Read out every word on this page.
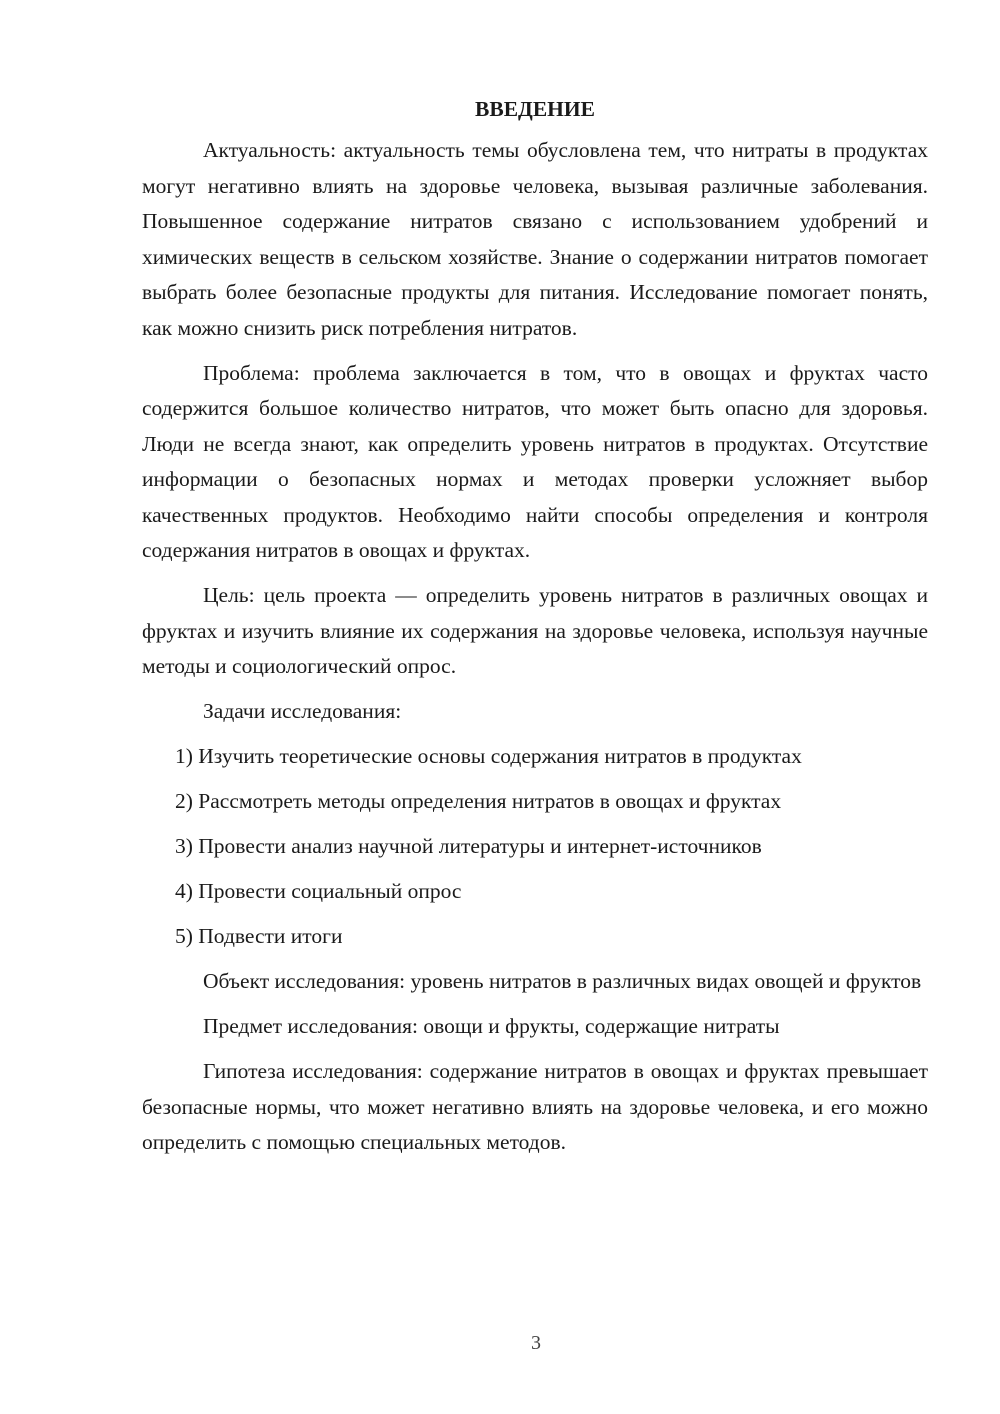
ВВЕДЕНИЕ

Актуальность: актуальность темы обусловлена тем, что нитраты в продуктах могут негативно влиять на здоровье человека, вызывая различные заболевания. Повышенное содержание нитратов связано с использованием удобрений и химических веществ в сельском хозяйстве. Знание о содержании нитратов помогает выбрать более безопасные продукты для питания. Исследование помогает понять, как можно снизить риск потребления нитратов.

Проблема: проблема заключается в том, что в овощах и фруктах часто содержится большое количество нитратов, что может быть опасно для здоровья. Люди не всегда знают, как определить уровень нитратов в продуктах. Отсутствие информации о безопасных нормах и методах проверки усложняет выбор качественных продуктов. Необходимо найти способы определения и контроля содержания нитратов в овощах и фруктах.

Цель: цель проекта — определить уровень нитратов в различных овощах и фруктах и изучить влияние их содержания на здоровье человека, используя научные методы и социологический опрос.

Задачи исследования:
1) Изучить теоретические основы содержания нитратов в продуктах
2) Рассмотреть методы определения нитратов в овощах и фруктах
3) Провести анализ научной литературы и интернет-источников
4) Провести социальный опрос
5) Подвести итоги

Объект исследования: уровень нитратов в различных видах овощей и фруктов

Предмет исследования: овощи и фрукты, содержащие нитраты

Гипотеза исследования: содержание нитратов в овощах и фруктах превышает безопасные нормы, что может негативно влиять на здоровье человека, и его можно определить с помощью специальных методов.

3
